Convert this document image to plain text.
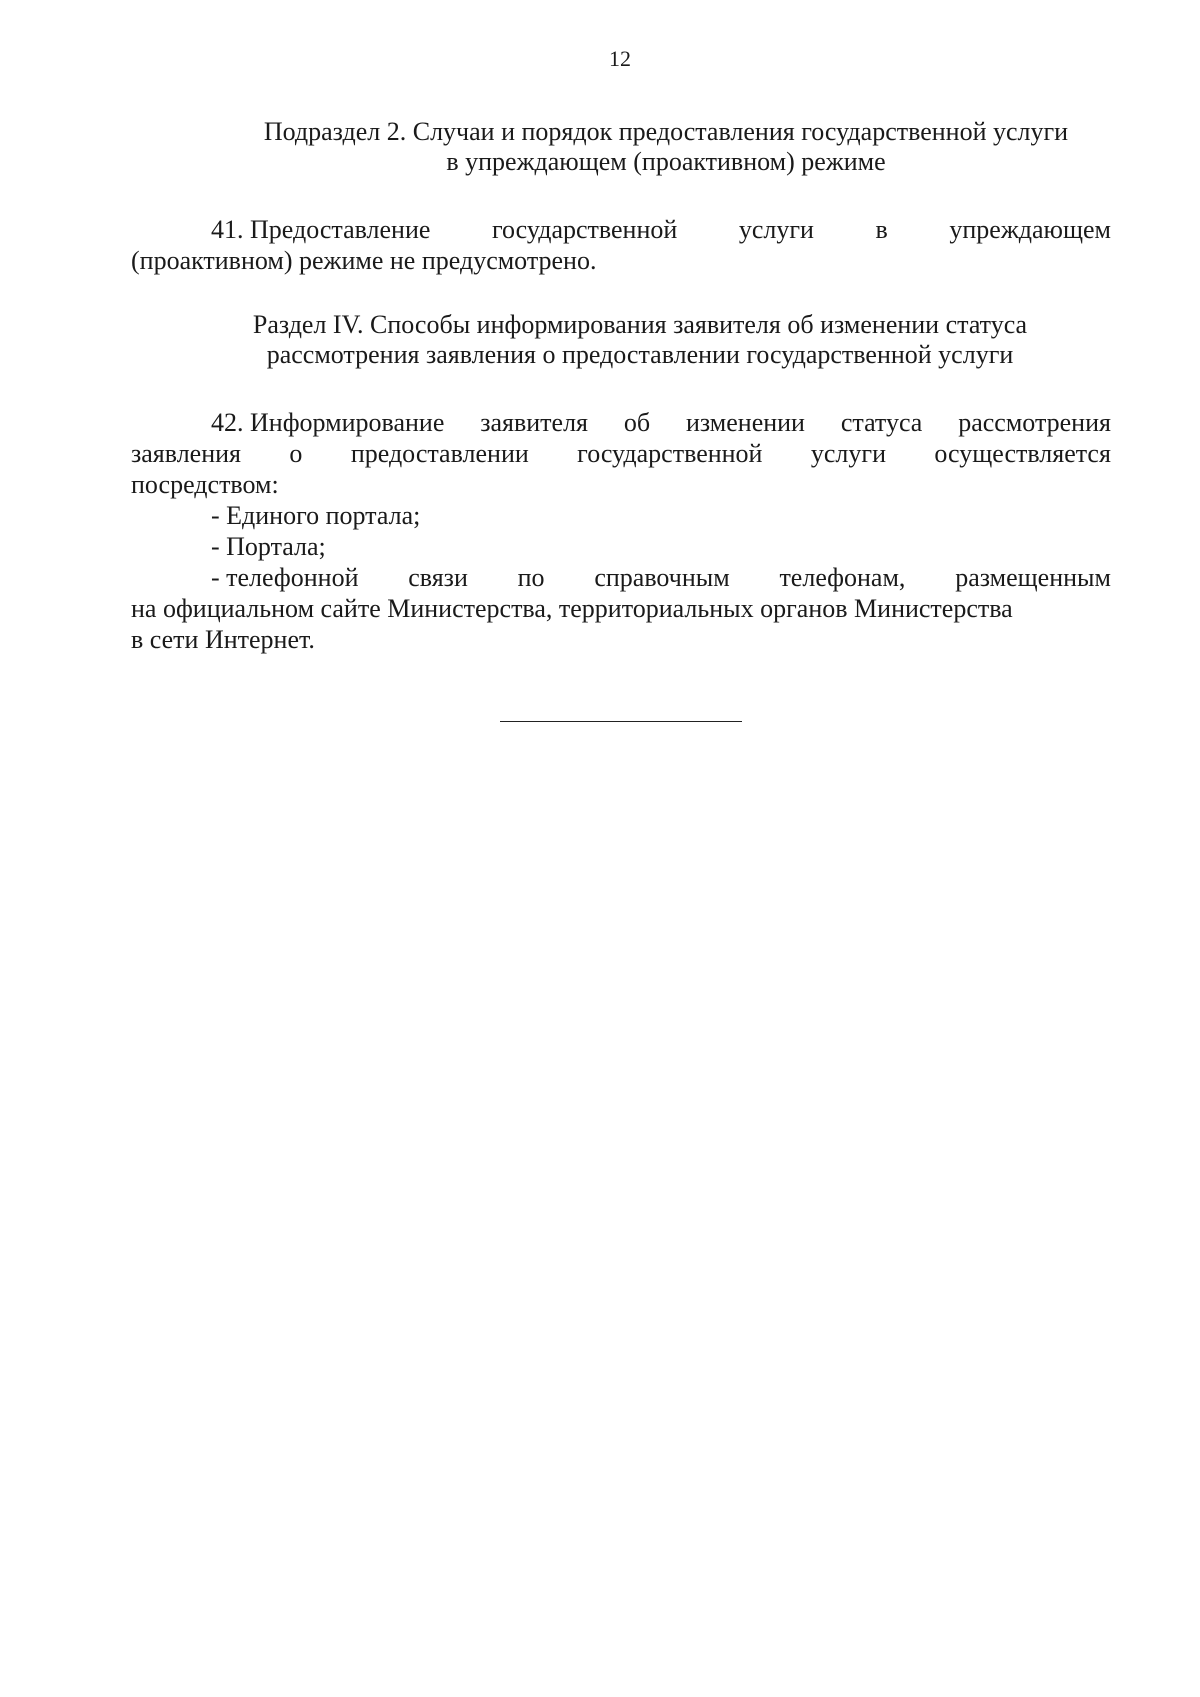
12
Подраздел 2. Случаи и порядок предоставления государственной услуги
в упреждающем (проактивном) режиме
41. Предоставление государственной услуги в упреждающем
(проактивном) режиме не предусмотрено.
Раздел IV. Способы информирования заявителя об изменении статуса
рассмотрения заявления о предоставлении государственной услуги
42. Информирование заявителя об изменении статуса рассмотрения
заявления о предоставлении государственной услуги осуществляется
посредством:
- Единого портала;
- Портала;
- телефонной связи по справочным телефонам, размещенным
на официальном сайте Министерства, территориальных органов Министерства
в сети Интернет.
